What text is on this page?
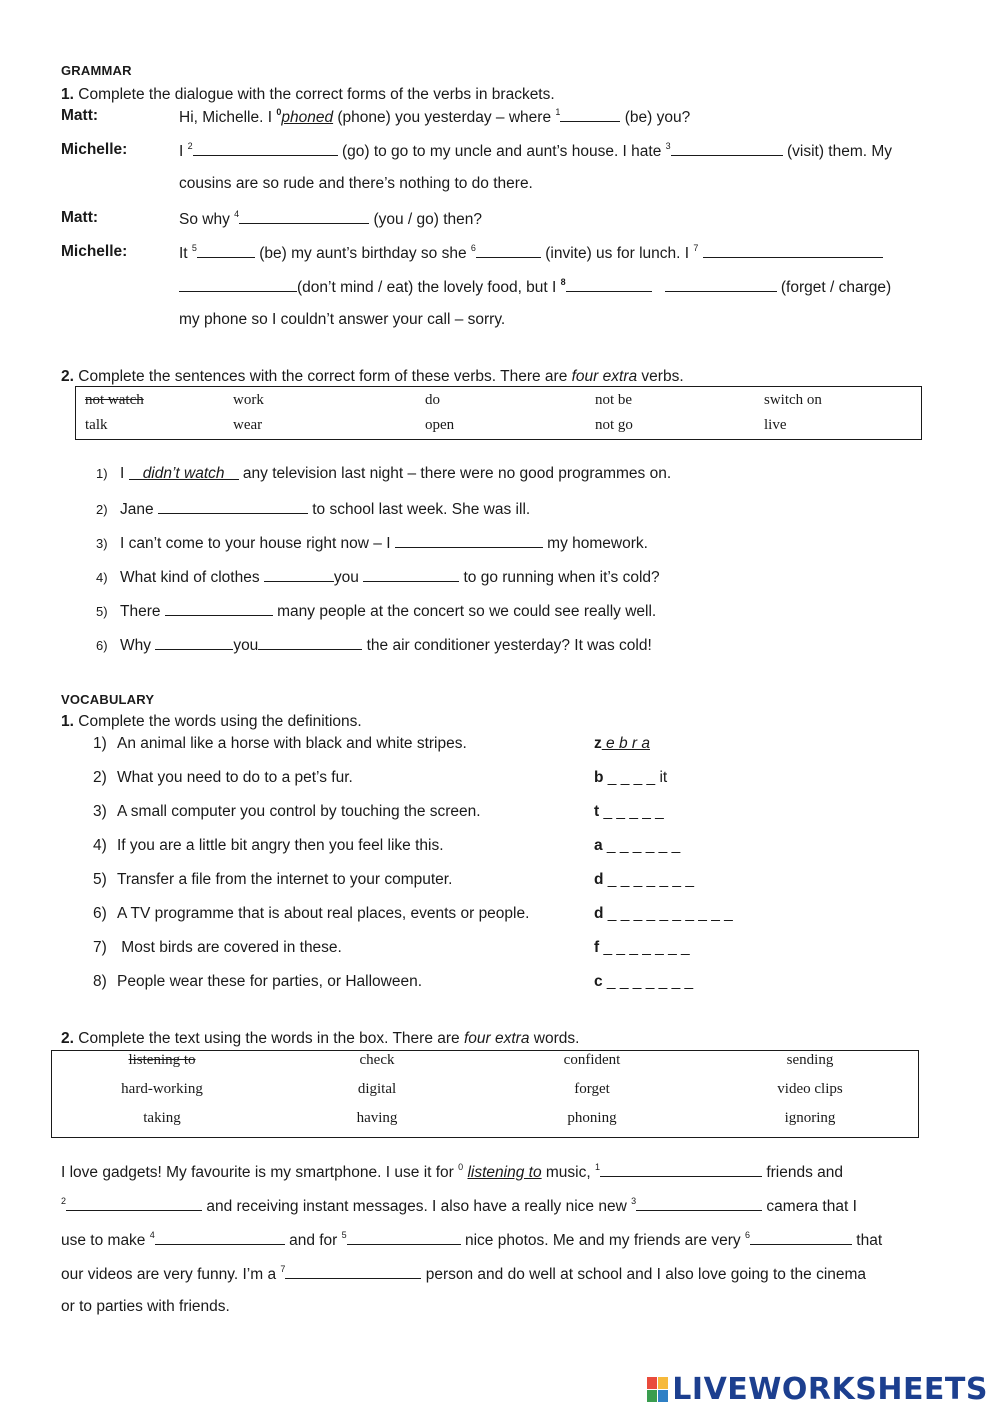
GRAMMAR
1. Complete the dialogue with the correct forms of the verbs in brackets.
Matt:	Hi, Michelle. I $^0$phoned (phone) you yesterday – where $^1$	(be) you?
Michelle:	I $^2$	(go) to go to my uncle and aunt’s house. I hate $^3$	(visit) them. My
cousins are so rude and there’s nothing to do there.
Matt:	So why $^4$	(you / go) then?
Michelle:	It $^5$	(be) my aunt’s birthday so she $^6$	(invite) us for lunch. I $^7$
(don’t mind / eat) the lovely food, but I $^8$	(forget / charge)
my phone so I couldn’t answer your call – sorry.
2. Complete the sentences with the correct form of these verbs. There are four extra verbs.
not watch	work	do	not be	switch on
talk	wear	open	not go	live
1) I didn’t watch any television last night – there were no good programmes on.
2) Jane	to school last week. She was ill.
3) I can’t come to your house right now – I	my homework.
4) What kind of clothes	you	to go running when it’s cold?
5) There	many people at the concert so we could see really well.
6) Why	you	the air conditioner yesterday? It was cold!
VOCABULARY
1. Complete the words using the definitions.
1) An animal like a horse with black and white stripes.	z e b r a
2) What you need to do to a pet’s fur.	b _ _ _ _ it
3) A small computer you control by touching the screen.	t _ _ _ _ _
4) If you are a little bit angry then you feel like this.	a _ _ _ _ _ _
5) Transfer a file from the internet to your computer.	d _ _ _ _ _ _ _
6) A TV programme that is about real places, events or people.	d _ _ _ _ _ _ _ _ _ _
7) Most birds are covered in these.	f _ _ _ _ _ _ _
8) People wear these for parties, or Halloween.	c _ _ _ _ _ _ _
2. Complete the text using the words in the box. There are four extra words.
listening to	check	confident	sending
hard-working	digital	forget	video clips
taking	having	phoning	ignoring
I love gadgets! My favourite is my smartphone. I use it for $^0$ listening to music, $^1$	friends and
$^2$	and receiving instant messages. I also have a really nice new $^3$	camera that I
use to make $^4$	and for $^5$	nice photos. Me and my friends are very $^6$	that
our videos are very funny. I’m a $^7$	person and do well at school and I also love going to the cinema
or to parties with friends.
LIVEWORKSHEETS
